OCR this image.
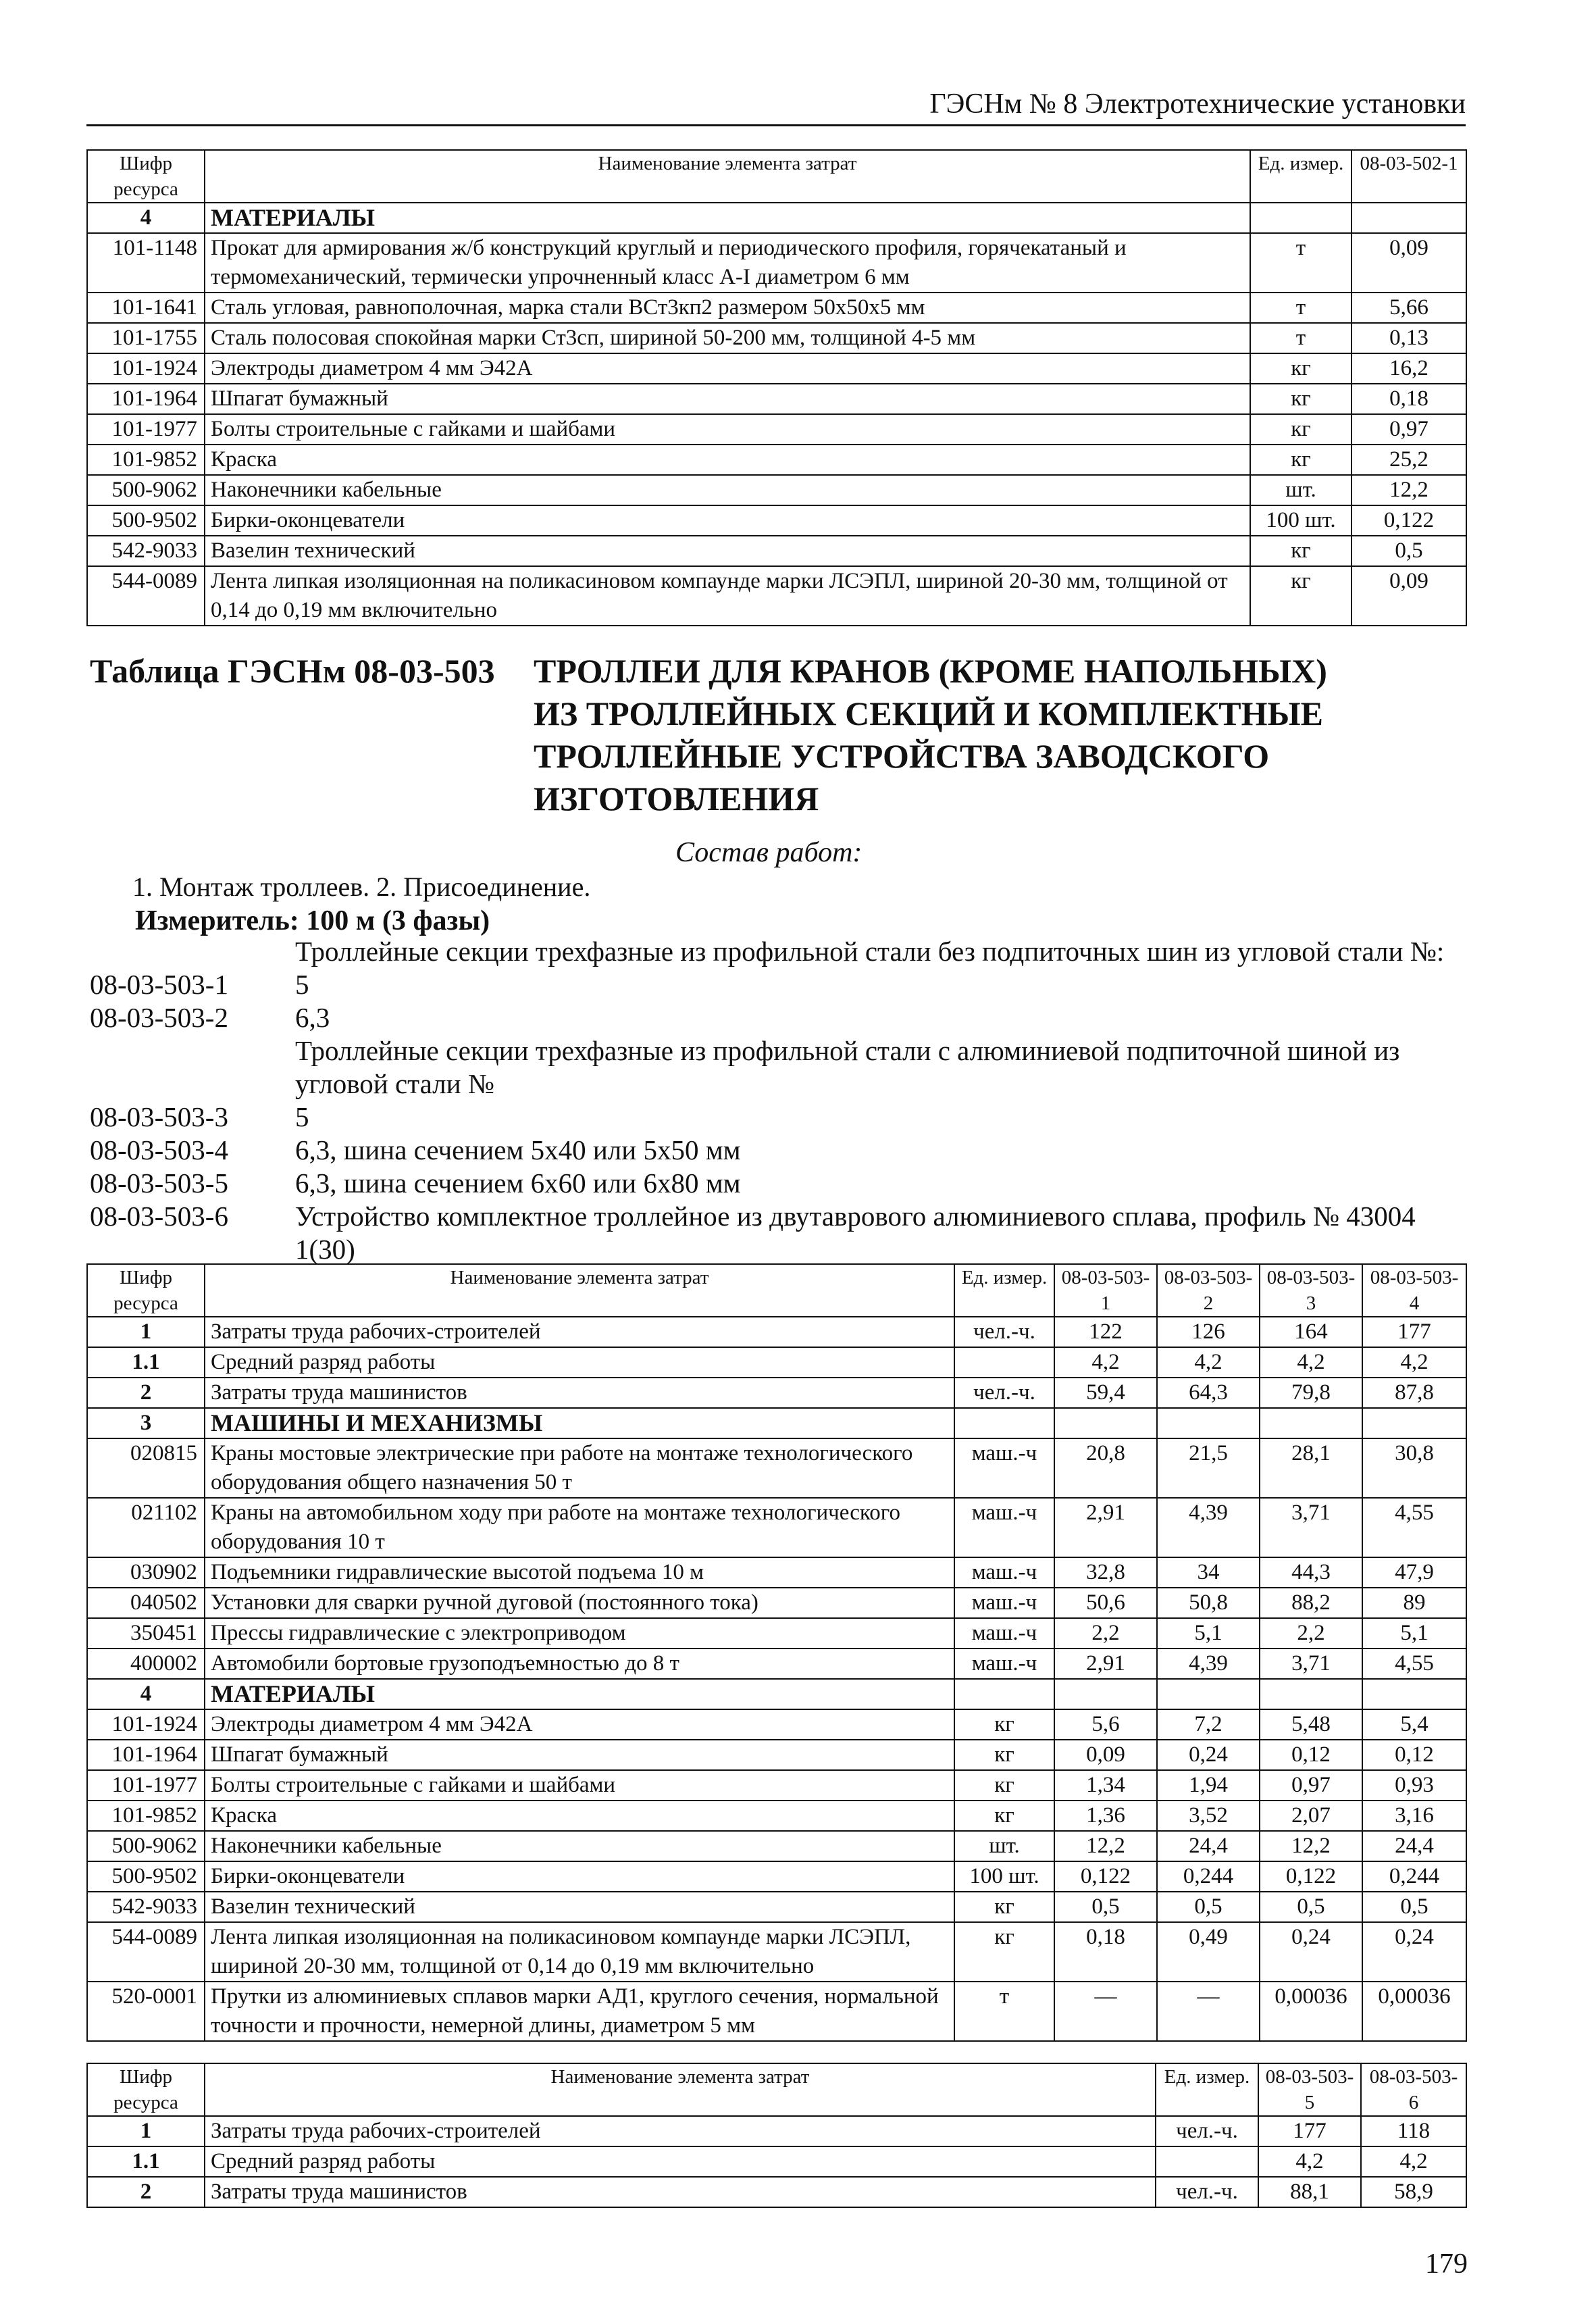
ГЭСНм № 8 Электротехнические установки
Шифр ресурса	Наименование элемента затрат	Ед. измер.	08-03-502-1
4	МАТЕРИАЛЫ		
101-1148	Прокат для армирования ж/б конструкций круглый и периодического профиля, горячекатаный и термомеханический, термически упрочненный класс А-I диаметром 6 мм	т	0,09
101-1641	Сталь угловая, равнополочная, марка стали ВСт3кп2 размером 50х50х5 мм	т	5,66
101-1755	Сталь полосовая спокойная марки Ст3сп, шириной 50-200 мм, толщиной 4-5 мм	т	0,13
101-1924	Электроды диаметром 4 мм Э42А	кг	16,2
101-1964	Шпагат бумажный	кг	0,18
101-1977	Болты строительные с гайками и шайбами	кг	0,97
101-9852	Краска	кг	25,2
500-9062	Наконечники кабельные	шт.	12,2
500-9502	Бирки-оконцеватели	100 шт.	0,122
542-9033	Вазелин технический	кг	0,5
544-0089	Лента липкая изоляционная на поликасиновом компаунде марки ЛСЭПЛ, шириной 20-30 мм, толщиной от 0,14 до 0,19 мм включительно	кг	0,09
Таблица ГЭСНм 08-03-503 ТРОЛЛЕИ ДЛЯ КРАНОВ (КРОМЕ НАПОЛЬНЫХ)
ИЗ ТРОЛЛЕЙНЫХ СЕКЦИЙ И КОМПЛЕКТНЫЕ
ТРОЛЛЕЙНЫЕ УСТРОЙСТВА ЗАВОДСКОГО
ИЗГОТОВЛЕНИЯ
Состав работ:
1. Монтаж троллеев. 2. Присоединение.
Измеритель: 100 м (3 фазы)
Троллейные секции трехфазные из профильной стали без подпиточных шин из угловой стали №:
08-03-503-1	5
08-03-503-2	6,3
Троллейные секции трехфазные из профильной стали с алюминиевой подпиточной шиной из угловой стали №
08-03-503-3	5
08-03-503-4	6,3, шина сечением 5х40 или 5х50 мм
08-03-503-5	6,3, шина сечением 6х60 или 6х80 мм
08-03-503-6	Устройство комплектное троллейное из двутаврового алюминиевого сплава, профиль № 43004 1(30)
Шифр ресурса	Наименование элемента затрат	Ед. измер.	08-03-503-1	08-03-503-2	08-03-503-3	08-03-503-4
1	Затраты труда рабочих-строителей	чел.-ч.	122	126	164	177
1.1	Средний разряд работы		4,2	4,2	4,2	4,2
2	Затраты труда машинистов	чел.-ч.	59,4	64,3	79,8	87,8
3	МАШИНЫ И МЕХАНИЗМЫ					
020815	Краны мостовые электрические при работе на монтаже технологического оборудования общего назначения 50 т	маш.-ч	20,8	21,5	28,1	30,8
021102	Краны на автомобильном ходу при работе на монтаже технологического оборудования 10 т	маш.-ч	2,91	4,39	3,71	4,55
030902	Подъемники гидравлические высотой подъема 10 м	маш.-ч	32,8	34	44,3	47,9
040502	Установки для сварки ручной дуговой (постоянного тока)	маш.-ч	50,6	50,8	88,2	89
350451	Прессы гидравлические с электроприводом	маш.-ч	2,2	5,1	2,2	5,1
400002	Автомобили бортовые грузоподъемностью до 8 т	маш.-ч	2,91	4,39	3,71	4,55
4	МАТЕРИАЛЫ					
101-1924	Электроды диаметром 4 мм Э42А	кг	5,6	7,2	5,48	5,4
101-1964	Шпагат бумажный	кг	0,09	0,24	0,12	0,12
101-1977	Болты строительные с гайками и шайбами	кг	1,34	1,94	0,97	0,93
101-9852	Краска	кг	1,36	3,52	2,07	3,16
500-9062	Наконечники кабельные	шт.	12,2	24,4	12,2	24,4
500-9502	Бирки-оконцеватели	100 шт.	0,122	0,244	0,122	0,244
542-9033	Вазелин технический	кг	0,5	0,5	0,5	0,5
544-0089	Лента липкая изоляционная на поликасиновом компаунде марки ЛСЭПЛ, шириной 20-30 мм, толщиной от 0,14 до 0,19 мм включительно	кг	0,18	0,49	0,24	0,24
520-0001	Прутки из алюминиевых сплавов марки АД1, круглого сечения, нормальной точности и прочности, немерной длины, диаметром 5 мм	т	—	—	0,00036	0,00036
Шифр ресурса	Наименование элемента затрат	Ед. измер.	08-03-503-5	08-03-503-6
1	Затраты труда рабочих-строителей	чел.-ч.	177	118
1.1	Средний разряд работы		4,2	4,2
2	Затраты труда машинистов	чел.-ч.	88,1	58,9
179
